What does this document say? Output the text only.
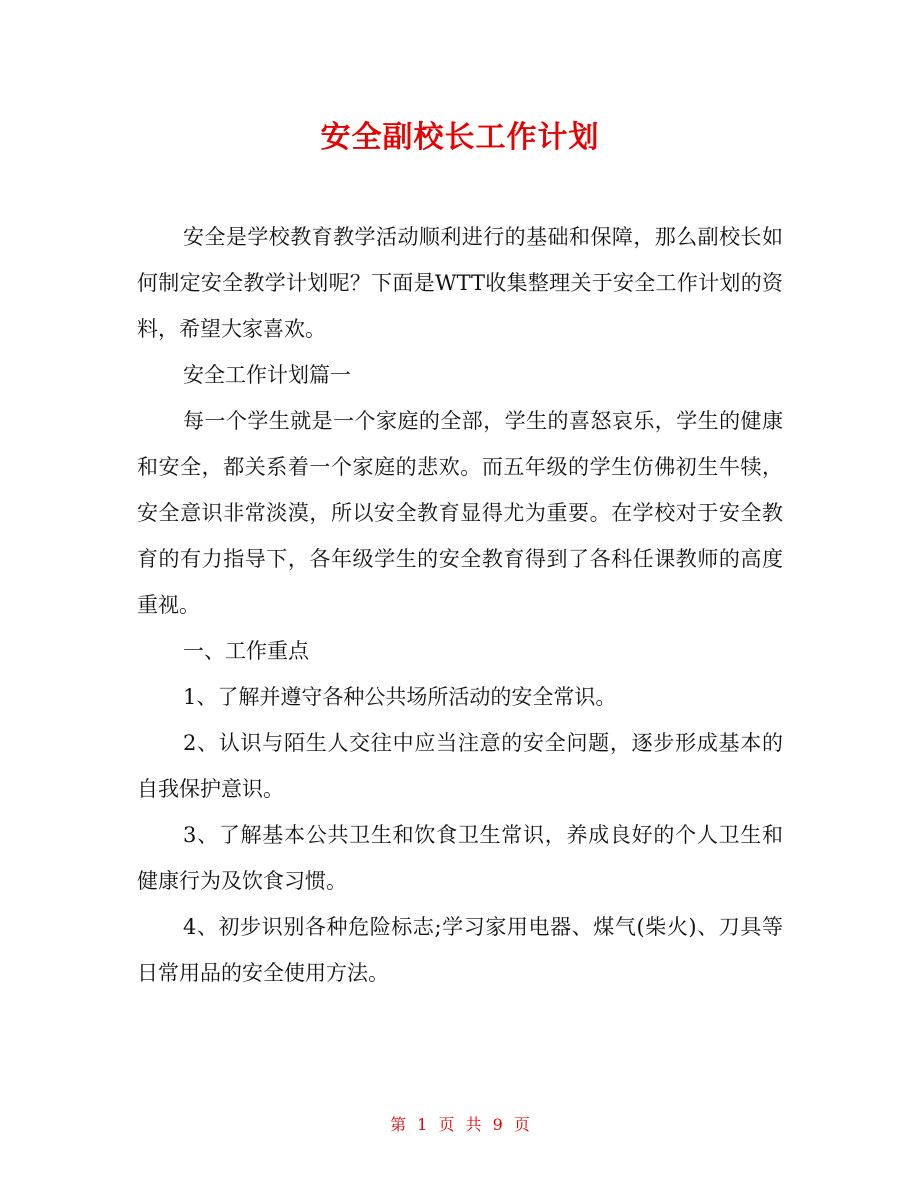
安全副校长工作计划

安全是学校教育教学活动顺利进行的基础和保障，那么副校长如何制定安全教学计划呢？下面是WTT收集整理关于安全工作计划的资料，希望大家喜欢。

安全工作计划篇一

每一个学生就是一个家庭的全部，学生的喜怒哀乐，学生的健康和安全，都关系着一个家庭的悲欢。而五年级的学生仿佛初生牛犊，安全意识非常淡漠，所以安全教育显得尤为重要。在学校对于安全教育的有力指导下，各年级学生的安全教育得到了各科任课教师的高度重视。

一、工作重点

1、了解并遵守各种公共场所活动的安全常识。

2、认识与陌生人交往中应当注意的安全问题，逐步形成基本的自我保护意识。

3、了解基本公共卫生和饮食卫生常识，养成良好的个人卫生和健康行为及饮食习惯。

4、初步识别各种危险标志;学习家用电器、煤气(柴火)、刀具等日常用品的安全使用方法。

第 1 页 共 9 页
